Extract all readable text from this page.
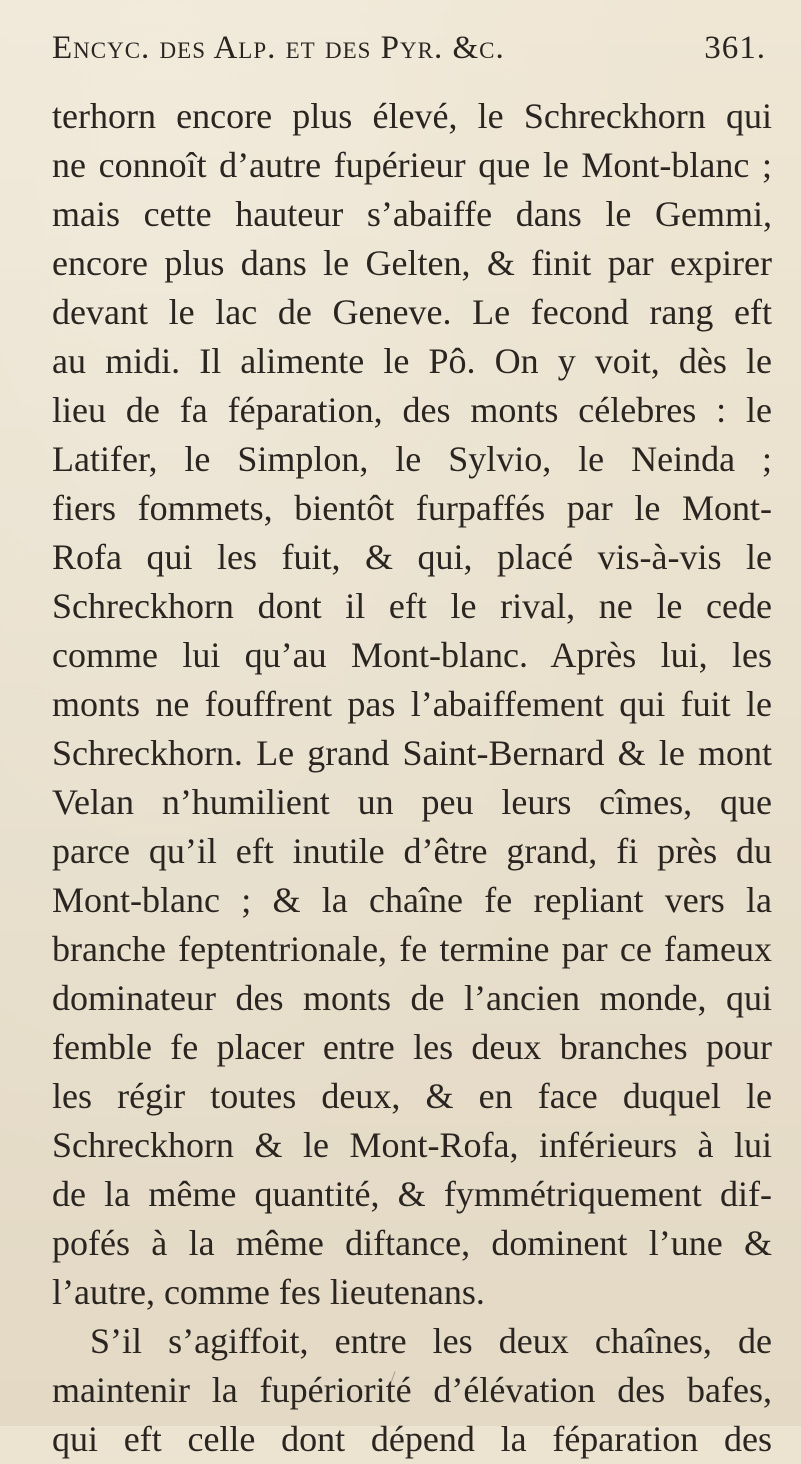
Encyc. des Alp. et des Pyr. &c.	361.
terhorn encore plus élevé, le Schreckhorn qui
ne connoît d’autre fupérieur que le Mont-blanc ;
mais cette hauteur s’abaiffe dans le Gemmi,
encore plus dans le Gelten, & finit par expirer
devant le lac de Geneve. Le fecond rang eft
au midi. Il alimente le Pô. On y voit, dès le
lieu de fa féparation, des monts célebres : le
Latifer, le Simplon, le Sylvio, le Neinda ;
fiers fommets, bientôt furpaffés par le Mont-
Rofa qui les fuit, & qui, placé vis-à-vis le
Schreckhorn dont il eft le rival, ne le cede
comme lui qu’au Mont-blanc. Après lui, les
monts ne fouffrent pas l’abaiffement qui fuit le
Schreckhorn. Le grand Saint-Bernard & le mont
Velan n’humilient un peu leurs cîmes, que
parce qu’il eft inutile d’être grand, fi près du
Mont-blanc ; & la chaîne fe repliant vers la
branche feptentrionale, fe termine par ce fameux
dominateur des monts de l’ancien monde, qui
femble fe placer entre les deux branches pour
les régir toutes deux, & en face duquel le
Schreckhorn & le Mont-Rofa, inférieurs à lui
de la même quantité, & fymmétriquement dif-
pofés à la même diftance, dominent l’une &
l’autre, comme fes lieutenans.
S’il s’agiffoit, entre les deux chaînes, de
maintenir la fupériorité d’élévation des bafes,
qui eft celle dont dépend la féparation des
